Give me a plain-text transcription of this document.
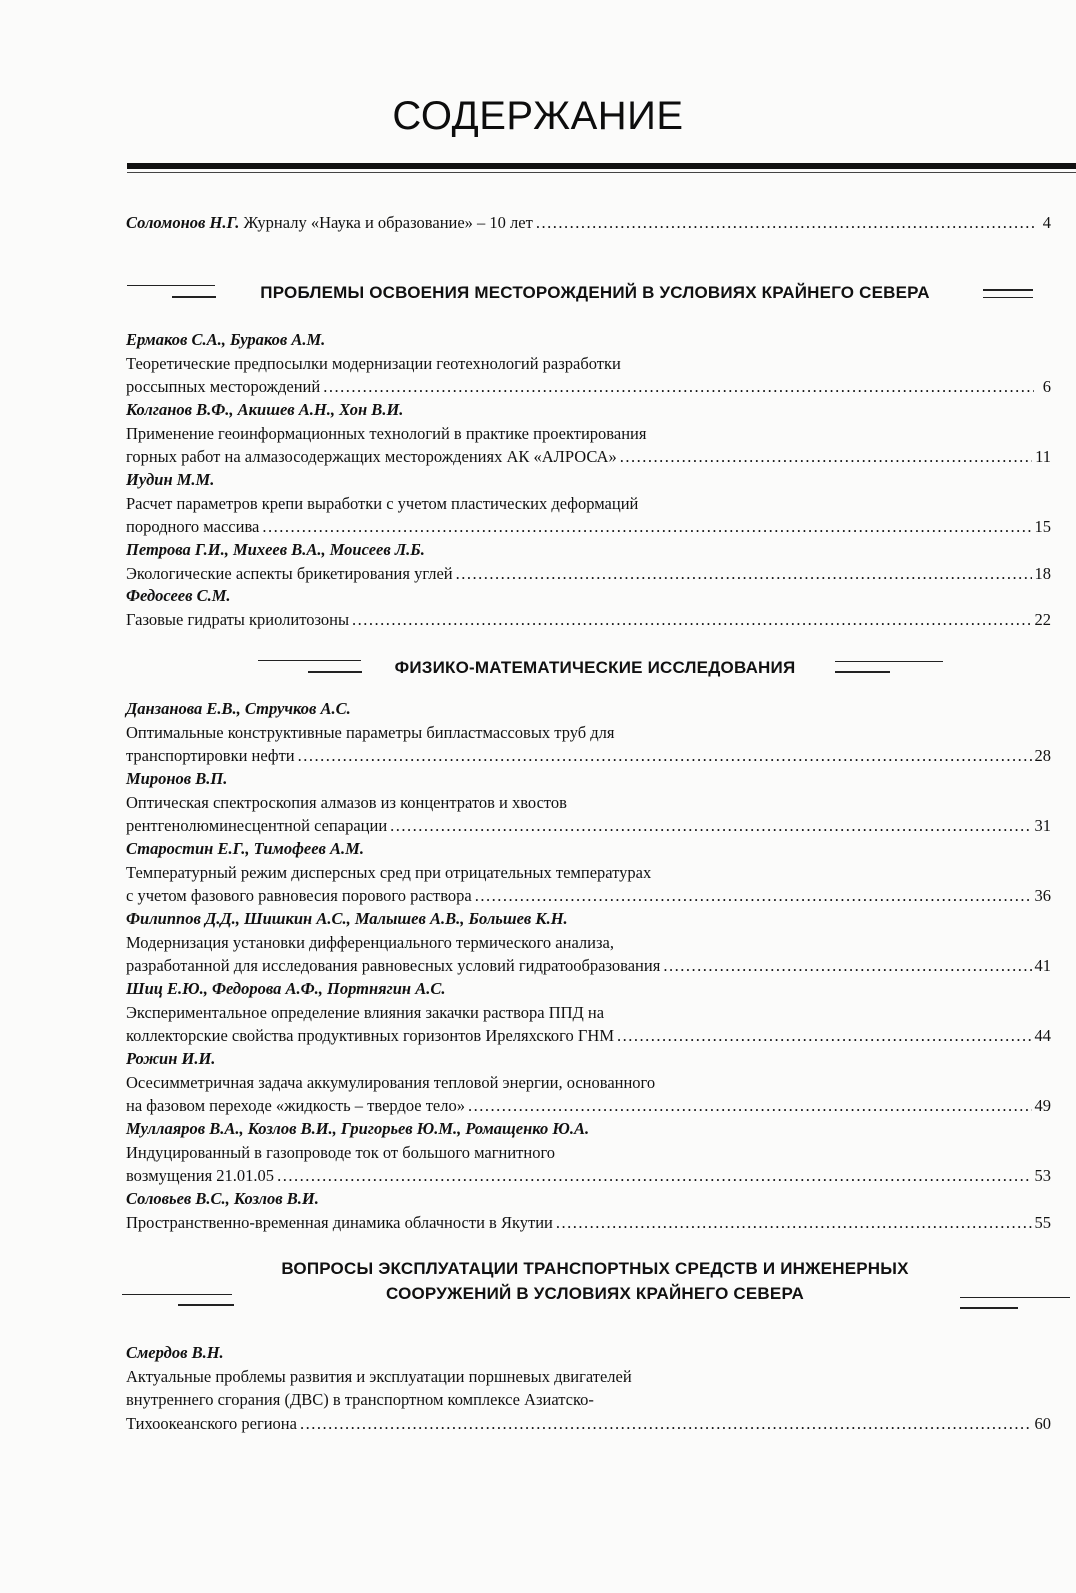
СОДЕРЖАНИЕ
Соломонов Н.Г. Журналу «Наука и образование» – 10 лет .....	4
ПРОБЛЕМЫ ОСВОЕНИЯ МЕСТОРОЖДЕНИЙ В УСЛОВИЯХ КРАЙНЕГО СЕВЕРА
Ермаков С.А., Бураков А.М.
Теоретические предпосылки модернизации геотехнологий разработки
россыпных месторождений .....	6
Колганов В.Ф., Акишев А.Н., Хон В.И.
Применение геоинформационных технологий в практике проектирования
горных работ на алмазосодержащих месторождениях АК «АЛРОСА» .....	11
Иудин М.М.
Расчет параметров крепи выработки с учетом пластических деформаций
породного массива .....	15
Петрова Г.И., Михеев В.А., Моисеев Л.Б.
Экологические аспекты брикетирования углей .....	18
Федосеев С.М.
Газовые гидраты криолитозоны .....	22
ФИЗИКО-МАТЕМАТИЧЕСКИЕ ИССЛЕДОВАНИЯ
Данзанова Е.В., Стручков А.С.
Оптимальные конструктивные параметры бипластмассовых труб для
транспортировки нефти .....	28
Миронов В.П.
Оптическая спектроскопия алмазов из концентратов и хвостов
рентгенолюминесцентной сепарации .....	31
Старостин Е.Г., Тимофеев А.М.
Температурный режим дисперсных сред при отрицательных температурах
с учетом фазового равновесия порового раствора .....	36
Филиппов Д.Д., Шишкин А.С., Малышев А.В., Большев К.Н.
Модернизация установки дифференциального термического анализа,
разработанной для исследования равновесных условий гидратообразования .....	41
Шиц Е.Ю., Федорова А.Ф., Портнягин А.С.
Экспериментальное определение влияния закачки раствора ППД на
коллекторские свойства продуктивных горизонтов Иреляхского ГНМ .....	44
Рожин И.И.
Осесимметричная задача аккумулирования тепловой энергии, основанного
на фазовом переходе «жидкость – твердое тело» .....	49
Муллаяров В.А., Козлов В.И., Григорьев Ю.М., Ромащенко Ю.А.
Индуцированный в газопроводе ток от большого магнитного
возмущения 21.01.05 .....	53
Соловьев В.С., Козлов В.И.
Пространственно-временная динамика облачности в Якутии .....	55
ВОПРОСЫ ЭКСПЛУАТАЦИИ ТРАНСПОРТНЫХ СРЕДСТВ И ИНЖЕНЕРНЫХ
СООРУЖЕНИЙ В УСЛОВИЯХ КРАЙНЕГО СЕВЕРА
Смердов В.Н.
Актуальные проблемы развития и эксплуатации поршневых двигателей
внутреннего сгорания (ДВС) в транспортном комплексе Азиатско-
Тихоокеанского региона .....	60
